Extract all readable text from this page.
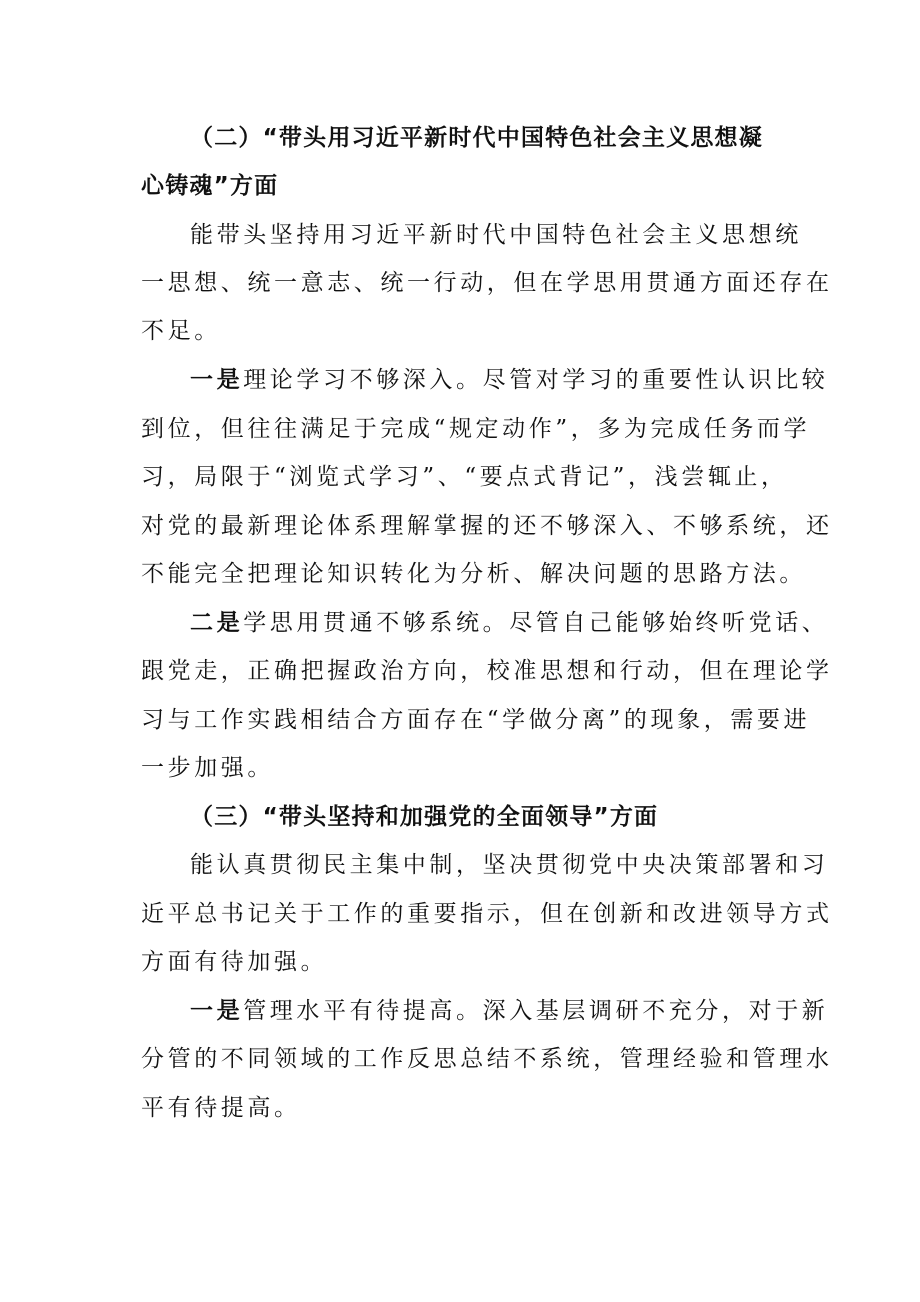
（二）“带头用习近平新时代中国特色社会主义思想凝

心铸魂”方面

能带头坚持用习近平新时代中国特色社会主义思想统

一思想、统一意志、统一行动，但在学思用贯通方面还存在

不足。

一是理论学习不够深入。尽管对学习的重要性认识比较

到位，但往往满足于完成“规定动作”，多为完成任务而学

习，局限于“浏览式学习”、“要点式背记”，浅尝辄止，

对党的最新理论体系理解掌握的还不够深入、不够系统，还

不能完全把理论知识转化为分析、解决问题的思路方法。

二是学思用贯通不够系统。尽管自己能够始终听党话、

跟党走，正确把握政治方向，校准思想和行动，但在理论学

习与工作实践相结合方面存在“学做分离”的现象，需要进

一步加强。

（三）“带头坚持和加强党的全面领导”方面

能认真贯彻民主集中制，坚决贯彻党中央决策部署和习

近平总书记关于工作的重要指示，但在创新和改进领导方式

方面有待加强。

一是管理水平有待提高。深入基层调研不充分，对于新

分管的不同领域的工作反思总结不系统，管理经验和管理水

平有待提高。
